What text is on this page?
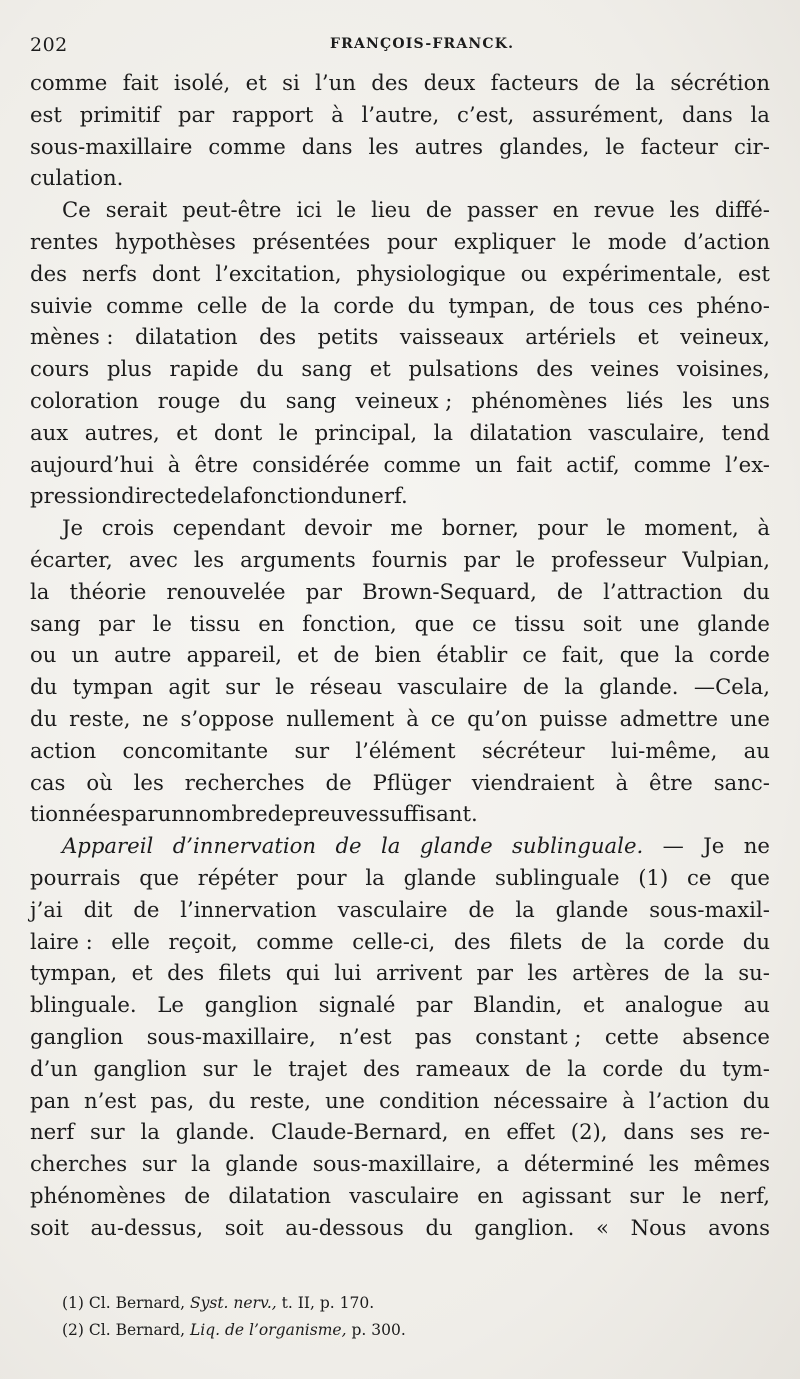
202	FRANÇOIS-FRANCK.
comme fait isolé, et si l’un des deux facteurs de la sécrétion
est primitif par rapport à l’autre, c’est, assurément, dans la
sous-maxillaire comme dans les autres glandes, le facteur cir-
culation.
Ce serait peut-être ici le lieu de passer en revue les diffé-
rentes hypothèses présentées pour expliquer le mode d’action
des nerfs dont l’excitation, physiologique ou expérimentale, est
suivie comme celle de la corde du tympan, de tous ces phéno-
mènes : dilatation des petits vaisseaux artériels et veineux,
cours plus rapide du sang et pulsations des veines voisines,
coloration rouge du sang veineux ; phénomènes liés les uns
aux autres, et dont le principal, la dilatation vasculaire, tend
aujourd’hui à être considérée comme un fait actif, comme l’ex-
pression directe de la fonction du nerf.
Je crois cependant devoir me borner, pour le moment, à
écarter, avec les arguments fournis par le professeur Vulpian,
la théorie renouvelée par Brown-Sequard, de l’attraction du
sang par le tissu en fonction, que ce tissu soit une glande
ou un autre appareil, et de bien établir ce fait, que la corde
du tympan agit sur le réseau vasculaire de la glande. —Cela,
du reste, ne s’oppose nullement à ce qu’on puisse admettre une
action concomitante sur l’élément sécréteur lui-même, au
cas où les recherches de Pflüger viendraient à être sanc-
tionnées par un nombre de preuves suffisant.
Appareil d’innervation de la glande sublinguale. — Je ne
pourrais que répéter pour la glande sublinguale (1) ce que
j’ai dit de l’innervation vasculaire de la glande sous-maxil-
laire : elle reçoit, comme celle-ci, des filets de la corde du
tympan, et des filets qui lui arrivent par les artères de la su-
blinguale. Le ganglion signalé par Blandin, et analogue au
ganglion sous-maxillaire, n’est pas constant ; cette absence
d’un ganglion sur le trajet des rameaux de la corde du tym-
pan n’est pas, du reste, une condition nécessaire à l’action du
nerf sur la glande. Claude-Bernard, en effet (2), dans ses re-
cherches sur la glande sous-maxillaire, a déterminé les mêmes
phénomènes de dilatation vasculaire en agissant sur le nerf,
soit au-dessus, soit au-dessous du ganglion. « Nous avons
(1) Cl. Bernard, Syst. nerv., t. II, p. 170.
(2) Cl. Bernard, Liq. de l’organisme, p. 300.
